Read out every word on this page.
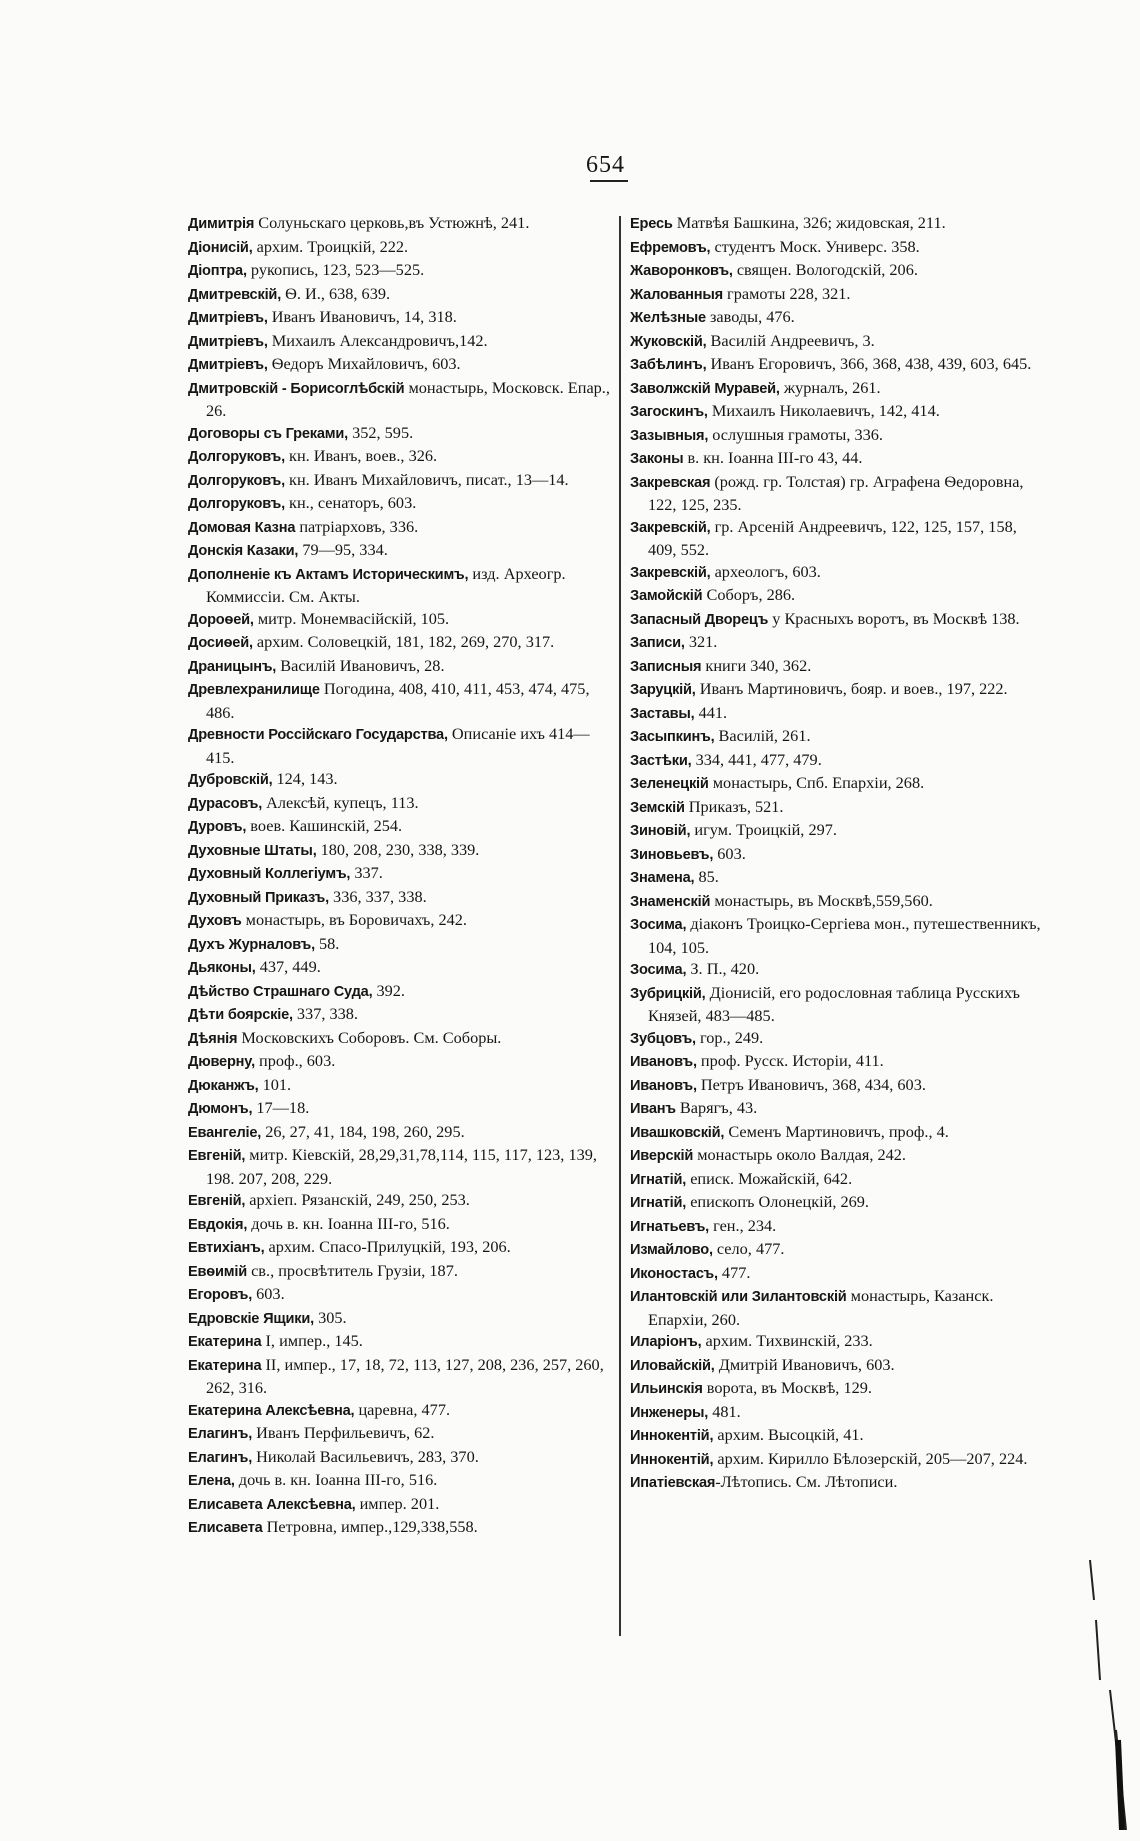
654

Димитрія Солуньскаго церковь,въ Устюжнѣ, 241.

Діонисій, архим. Троицкій, 222.

Діоптра, рукопись, 123, 523—525.

Дмитревскій, Ѳ. И., 638, 639.

Дмитріевъ, Иванъ Ивановичъ, 14, 318.

Дмитріевъ, Михаилъ Александровичъ,142.

Дмитріевъ, Ѳедоръ Михайловичъ, 603.

Дмитровскій - Борисоглѣбскій монастырь, Московск. Епар., 26.

Договоры съ Греками, 352, 595.

Долгоруковъ, кн. Иванъ, воев., 326.

Долгоруковъ, кн. Иванъ Михайловичъ, писат., 13—14.

Долгоруковъ, кн., сенаторъ, 603.

Домовая Казна патріарховъ, 336.

Донскія Казаки, 79—95, 334.

Дополненіе къ Актамъ Историческимъ, изд. Археогр. Коммиссіи. См. Акты.

Дороѳей, митр. Монемвасійскій, 105.

Досиѳей, архим. Соловецкій, 181, 182, 269, 270, 317.

Драницынъ, Василій Ивановичъ, 28.

Древлехранилище Погодина, 408, 410, 411, 453, 474, 475, 486.

Древности Россійскаго Государства, Описаніе ихъ 414—415.

Дубровскій, 124, 143.

Дурасовъ, Алексѣй, купецъ, 113.

Дуровъ, воев. Кашинскій, 254.

Духовные Штаты, 180, 208, 230, 338, 339.

Духовный Коллегіумъ, 337.

Духовный Приказъ, 336, 337, 338.

Духовъ монастырь, въ Боровичахъ, 242.

Духъ Журналовъ, 58.

Дьяконы, 437, 449.

Дѣйство Страшнаго Суда, 392.

Дѣти боярскіе, 337, 338.

Дѣянія Московскихъ Соборовъ. См. Соборы.

Дюверну, проф., 603.

Дюканжъ, 101.

Дюмонъ, 17—18.

Евангеліе, 26, 27, 41, 184, 198, 260, 295.

Евгеній, митр. Кіевскій, 28,29,31,78,114, 115, 117, 123, 139, 198. 207, 208, 229.

Евгеній, архіеп. Рязанскій, 249, 250, 253.

Евдокія, дочь в. кн. Іоанна III-го, 516.

Евтихіанъ, архим. Спасо-Прилуцкій, 193, 206.

Евѳимій св., просвѣтитель Грузіи, 187.

Егоровъ, 603.

Едровскіе Ящики, 305.

Екатерина I, импер., 145.

Екатерина II, импер., 17, 18, 72, 113, 127, 208, 236, 257, 260, 262, 316.

Екатерина Алексѣевна, царевна, 477.

Елагинъ, Иванъ Перфильевичъ, 62.

Елагинъ, Николай Васильевичъ, 283, 370.

Елена, дочь в. кн. Іоанна III-го, 516.

Елисавета Алексѣевна, импер. 201.

Елисавета Петровна, импер.,129,338,558.

Ересь Матвѣя Башкина, 326; жидовская, 211.

Ефремовъ, студентъ Моск. Универс. 358.

Жаворонковъ, священ. Вологодскій, 206.

Жалованныя грамоты 228, 321.

Желѣзные заводы, 476.

Жуковскій, Василій Андреевичъ, 3.

Забѣлинъ, Иванъ Егоровичъ, 366, 368, 438, 439, 603, 645.

Заволжскій Муравей, журналъ, 261.

Загоскинъ, Михаилъ Николаевичъ, 142, 414.

Зазывныя, ослушныя грамоты, 336.

Законы в. кн. Іоанна III-го 43, 44.

Закревская (рожд. гр. Толстая) гр. Аграфена Ѳедоровна, 122, 125, 235.

Закревскій, гр. Арсеній Андреевичъ, 122, 125, 157, 158, 409, 552.

Закревскій, археологъ, 603.

Замойскій Соборъ, 286.

Запасный Дворецъ у Красныхъ воротъ, въ Москвѣ 138.

Записи, 321.

Записныя книги 340, 362.

Заруцкій, Иванъ Мартиновичъ, бояр. и воев., 197, 222.

Заставы, 441.

Засыпкинъ, Василій, 261.

Застѣки, 334, 441, 477, 479.

Зеленецкій монастырь, Спб. Епархіи, 268.

Земскій Приказъ, 521.

Зиновій, игум. Троицкій, 297.

Зиновьевъ, 603.

Знамена, 85.

Знаменскій монастырь, въ Москвѣ,559,560.

Зосима, діаконъ Троицко-Сергіева мон., путешественникъ, 104, 105.

Зосима, З. П., 420.

Зубрицкій, Діонисій, его родословная таблица Русскихъ Князей, 483—485.

Зубцовъ, гор., 249.

Ивановъ, проф. Русск. Исторіи, 411.

Ивановъ, Петръ Ивановичъ, 368, 434, 603.

Иванъ Варягъ, 43.

Ивашковскій, Семенъ Мартиновичъ, проф., 4.

Иверскій монастырь около Валдая, 242.

Игнатій, еписк. Можайскій, 642.

Игнатій, епископъ Олонецкій, 269.

Игнатьевъ, ген., 234.

Измайлово, село, 477.

Иконостасъ, 477.

Илантовскій или Зилантовскій монастырь, Казанск. Епархіи, 260.

Иларіонъ, архим. Тихвинскій, 233.

Иловайскій, Дмитрій Ивановичъ, 603.

Ильинскія ворота, въ Москвѣ, 129.

Инженеры, 481.

Иннокентій, архим. Высоцкій, 41.

Иннокентій, архим. Кирилло Бѣлозерскій, 205—207, 224.

Ипатіевская-Лѣтопись. См. Лѣтописи.
